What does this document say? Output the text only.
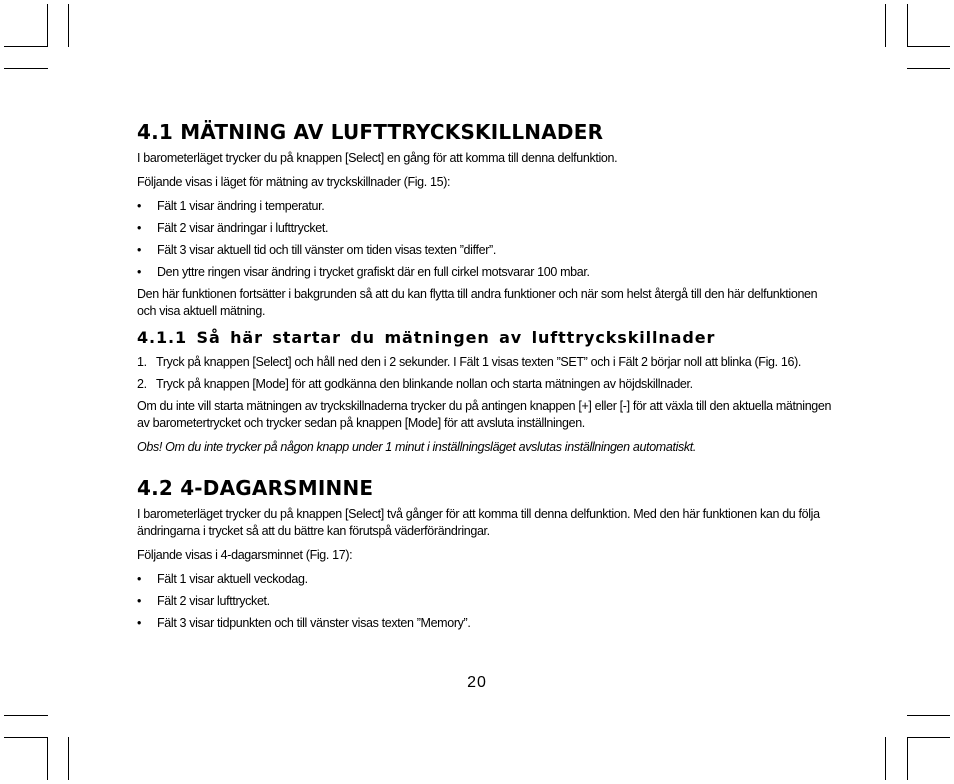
4.1 MÄTNING AV LUFTTRYCKSKILLNADER

I barometerläget trycker du på knappen [Select] en gång för att komma till denna delfunktion.

Följande visas i läget för mätning av tryckskillnader (Fig. 15):

• Fält 1 visar ändring i temperatur.
• Fält 2 visar ändringar i lufttrycket.
• Fält 3 visar aktuell tid och till vänster om tiden visas texten ”differ”.
• Den yttre ringen visar ändring i trycket grafiskt där en full cirkel motsvarar 100 mbar.

Den här funktionen fortsätter i bakgrunden så att du kan flytta till andra funktioner och när som helst återgå till den här delfunktionen och visa aktuell mätning.

4.1.1 Så här startar du mätningen av lufttryckskillnader
1. Tryck på knappen [Select] och håll ned den i 2 sekunder. I Fält 1 visas texten ”SET” och i Fält 2 börjar noll att blinka (Fig. 16).
2. Tryck på knappen [Mode] för att godkänna den blinkande nollan och starta mätningen av höjdskillnader.

Om du inte vill starta mätningen av tryckskillnaderna trycker du på antingen knappen [+] eller [-] för att växla till den aktuella mätningen av barometertrycket och trycker sedan på knappen [Mode] för att avsluta inställningen.

Obs! Om du inte trycker på någon knapp under 1 minut i inställningsläget avslutas inställningen automatiskt.

4.2 4-DAGARSMINNE

I barometerläget trycker du på knappen [Select] två gånger för att komma till denna delfunktion. Med den här funktionen kan du följa ändringarna i trycket så att du bättre kan förutspå väderförändringar.

Följande visas i 4-dagarsminnet (Fig. 17):

• Fält 1 visar aktuell veckodag.
• Fält 2 visar lufttrycket.
• Fält 3 visar tidpunkten och till vänster visas texten ”Memory”.
20
